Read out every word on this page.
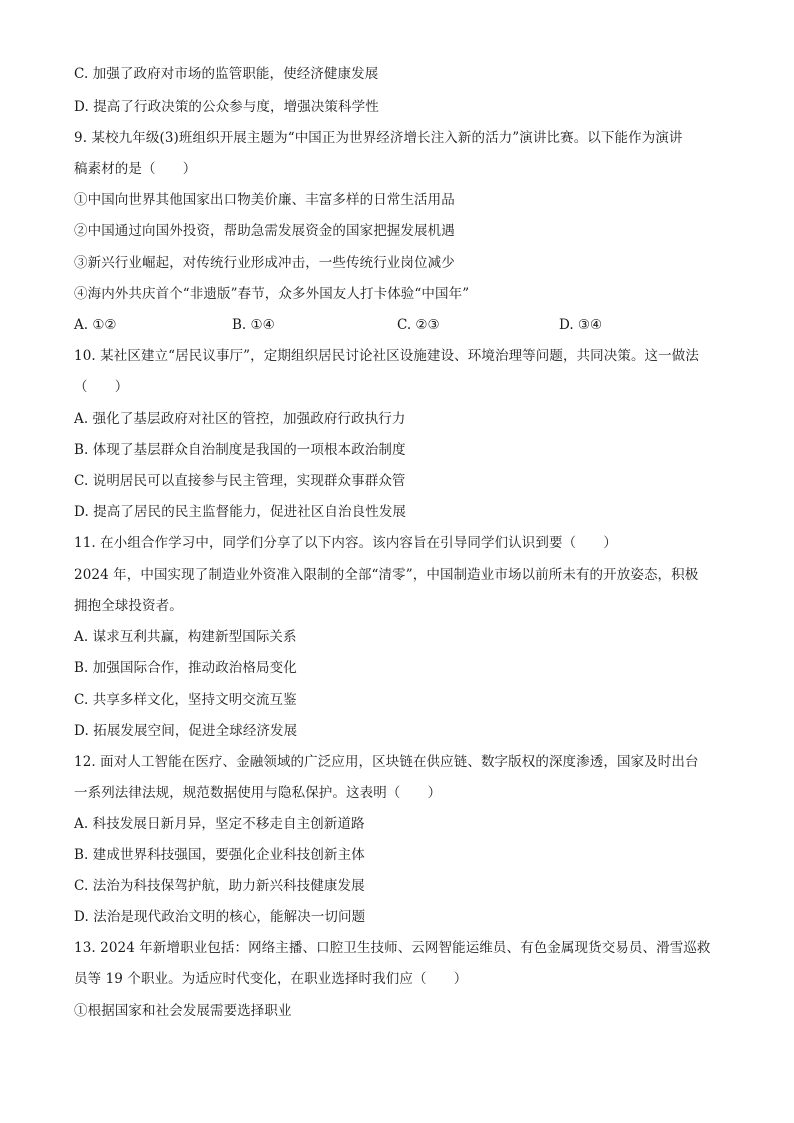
C. 加强了政府对市场的监管职能，使经济健康发展
D. 提高了行政决策的公众参与度，增强决策科学性
9. 某校九年级(3)班组织开展主题为“中国正为世界经济增长注入新的活力”演讲比赛。以下能作为演讲
稿素材的是（　　）
①中国向世界其他国家出口物美价廉、丰富多样的日常生活用品
②中国通过向国外投资，帮助急需发展资金的国家把握发展机遇
③新兴行业崛起，对传统行业形成冲击，一些传统行业岗位减少
④海内外共庆首个“非遗版”春节，众多外国友人打卡体验“中国年”
A. ①②	B. ①④	C. ②③	D. ③④
10. 某社区建立“居民议事厅”，定期组织居民讨论社区设施建设、环境治理等问题，共同决策。这一做法
（　　）
A. 强化了基层政府对社区的管控，加强政府行政执行力
B. 体现了基层群众自治制度是我国的一项根本政治制度
C. 说明居民可以直接参与民主管理，实现群众事群众管
D. 提高了居民的民主监督能力，促进社区自治良性发展
11. 在小组合作学习中，同学们分享了以下内容。该内容旨在引导同学们认识到要（　　）
2024 年，中国实现了制造业外资准入限制的全部“清零”，中国制造业市场以前所未有的开放姿态，积极
拥抱全球投资者。
A. 谋求互利共赢，构建新型国际关系
B. 加强国际合作，推动政治格局变化
C. 共享多样文化，坚持文明交流互鉴
D. 拓展发展空间，促进全球经济发展
12. 面对人工智能在医疗、金融领域的广泛应用，区块链在供应链、数字版权的深度渗透，国家及时出台
一系列法律法规，规范数据使用与隐私保护。这表明（　　）
A. 科技发展日新月异，坚定不移走自主创新道路
B. 建成世界科技强国，要强化企业科技创新主体
C. 法治为科技保驾护航，助力新兴科技健康发展
D. 法治是现代政治文明的核心，能解决一切问题
13. 2024 年新增职业包括：网络主播、口腔卫生技师、云网智能运维员、有色金属现货交易员、滑雪巡救
员等 19 个职业。为适应时代变化，在职业选择时我们应（　　）
①根据国家和社会发展需要选择职业
